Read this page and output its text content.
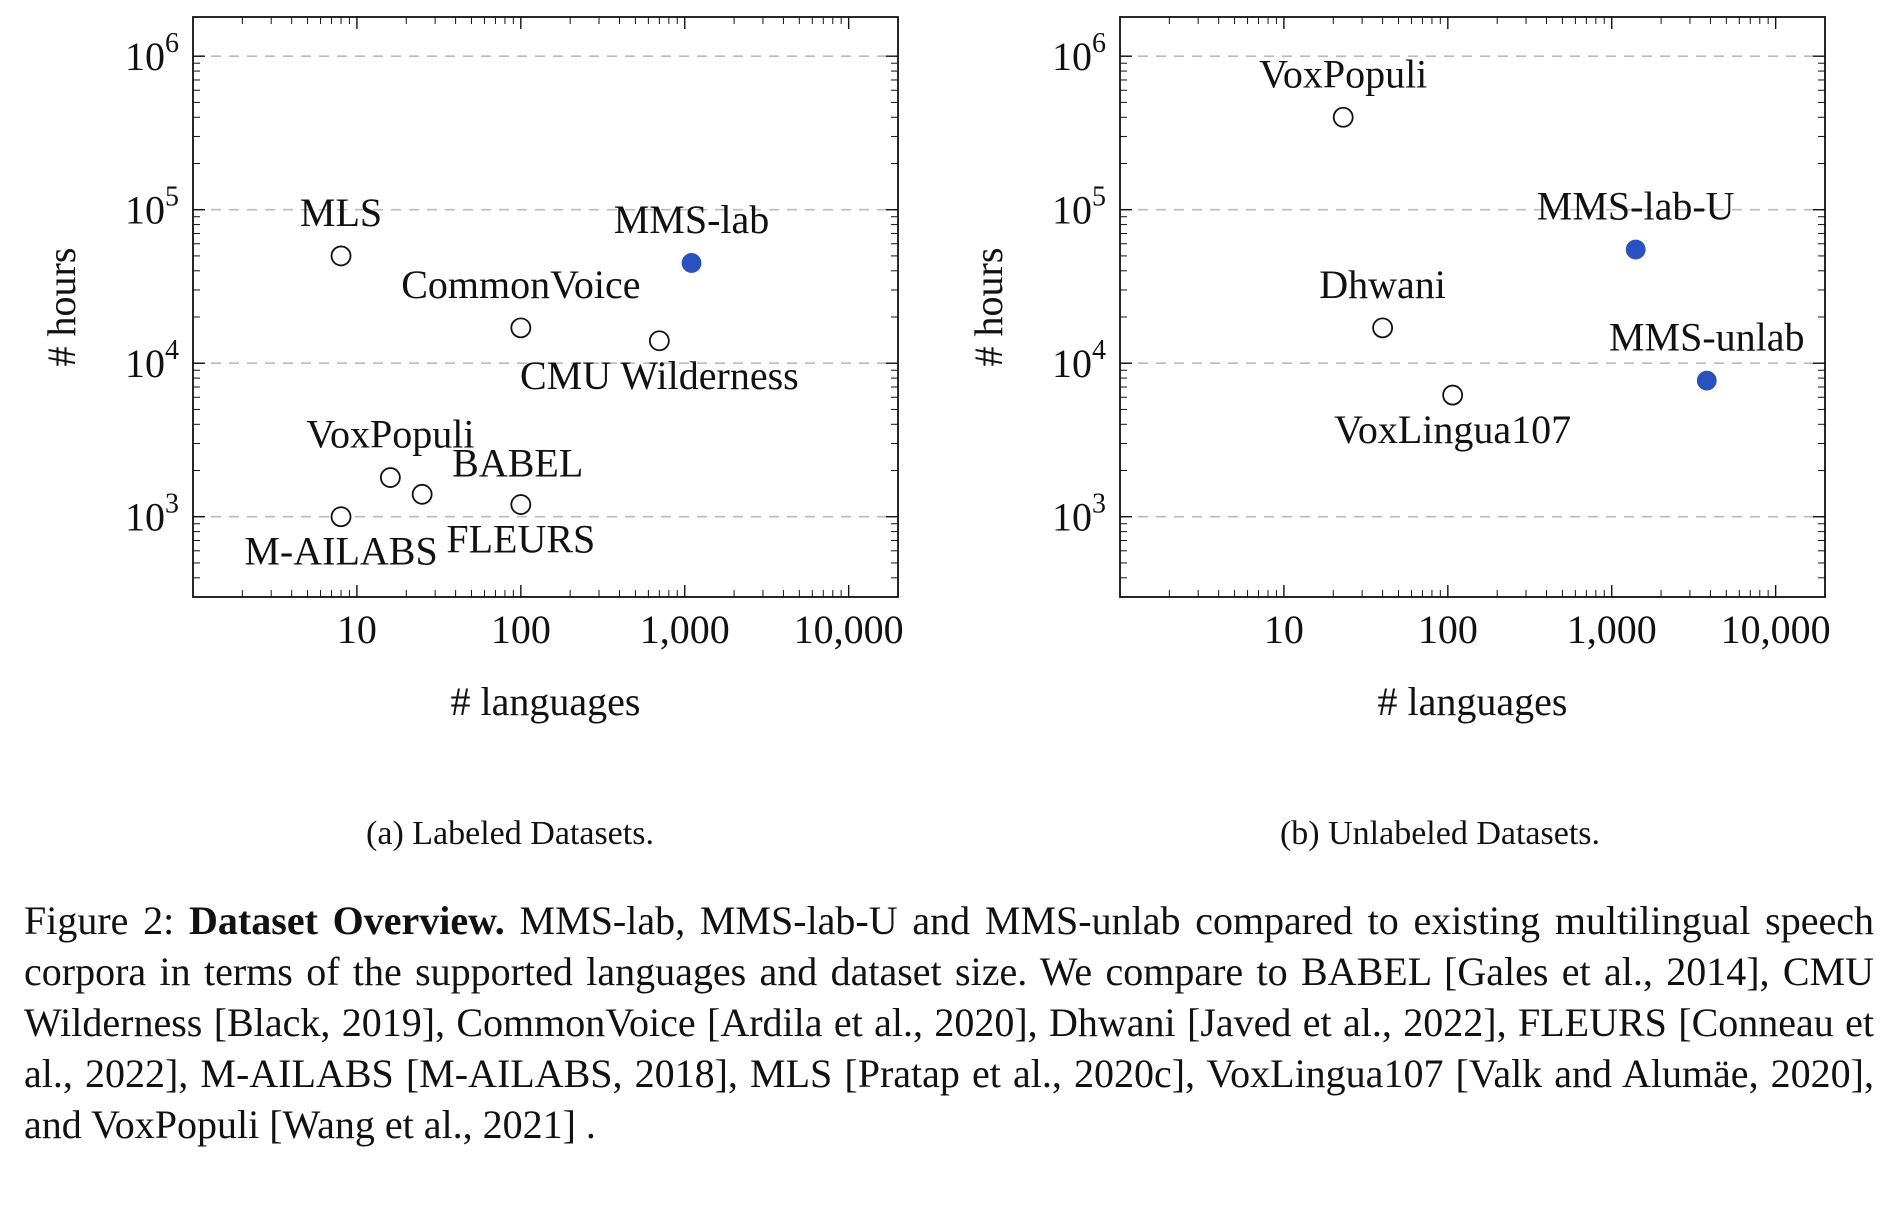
10	100 1,000 10,000
$10^3$
$10^4$
$10^5$
$10^6$
# languages
# hours
MLS	MMS-lab
CommonVoice
CMU Wilderness
VoxPopuli
BABEL
M-AILABS FLEURS
10	100 1,000 10,000
$10^3$
$10^4$
$10^5$
$10^6$
# languages
# hours
VoxPopuli
MMS-lab-U
Dhwani
MMS-unlab
VoxLingua107
(a) Labeled Datasets.	(b) Unlabeled Datasets.
Figure 2: Dataset Overview. MMS-lab, MMS-lab-U and MMS-unlab compared to existing multilingual speech corpora in terms of the supported languages and dataset size. We compare to BABEL [Gales et al., 2014], CMU Wilderness [Black, 2019], CommonVoice [Ardila et al., 2020], Dhwani [Javed et al., 2022], FLEURS [Conneau et al., 2022], M-AILABS [M-AILABS, 2018], MLS [Pratap et al., 2020c], VoxLingua107 [Valk and Alumäe, 2020], and VoxPopuli [Wang et al., 2021] .
